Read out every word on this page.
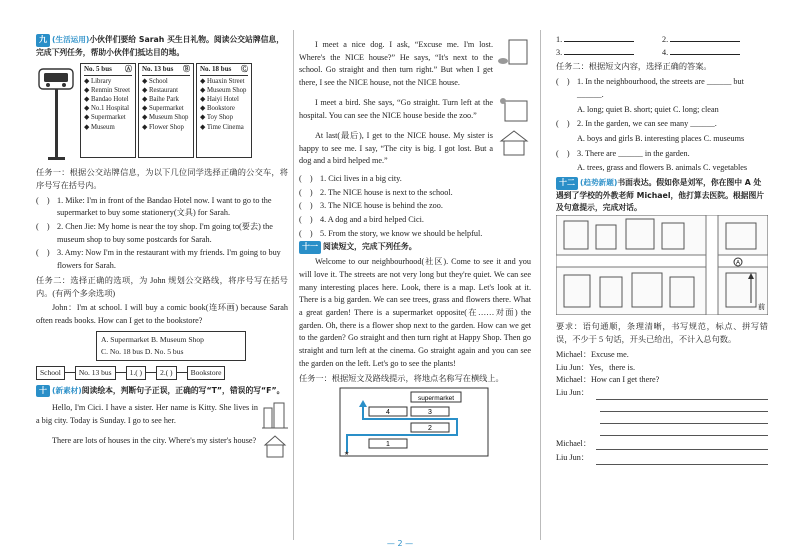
九 (生活运用)小伙伴们要给 Sarah 买生日礼物。阅读公交站牌信息，完成下列任务，帮助小伙伴们抵达目的地。
No. 5 bus Ⓐ
◆ Library
◆ Renmin Street
◆ Bandao Hotel
◆ No.1 Hospital
◆ Supermarket
◆ Museum
No. 13 bus Ⓑ
◆ School
◆ Restaurant
◆ Baihe Park
◆ Supermarket
◆ Museum Shop
◆ Flower Shop
No. 18 bus Ⓒ
◆ Huaxin Street
◆ Museum Shop
◆ Haiyi Hotel
◆ Bookstore
◆ Toy Shop
◆ Time Cinema
任务一：根据公交站牌信息，为以下几位同学选择正确的公交车，将序号写在括号内。
(　) 1. Mike: I'm in front of the Bandao Hotel now. I want to go to the supermarket to buy some stationery(文具) for Sarah.
(　) 2. Chen Jie: My home is near the toy shop. I'm going to(要去) the museum shop to buy some postcards for Sarah.
(　) 3. Amy: Now I'm in the restaurant with my friends. I'm going to buy flowers for Sarah.
任务二：选择正确的选项，为 John 规划公交路线，将序号写在括号内。(有两个多余选项)
John：I'm at school. I will buy a comic book(连环画) because Sarah often reads books. How can I get to the bookstore?
A. Supermarket B. Museum Shop
C. No. 18 bus D. No. 5 bus
School	No. 13 bus	1.( )	2.( )	Bookstore
十 (新素材)阅读绘本，判断句子正误，正确的写“T”，错误的写“F”。
Hello, I'm Cici. I have a sister. Her name is Kitty. She lives in a big city. Today is Sunday. I go to see her.
There are lots of houses in the city. Where's my sister's house?
I meet a nice dog. I ask, “Excuse me. I'm lost. Where's the NICE house?” He says, “It's next to the school. Go straight and then turn right.” But when I get there, I see the NICE house, not the NICE house.
I meet a bird. She says, “Go straight. Turn left at the hospital. You can see the NICE house beside the zoo.”
At last(最后), I get to the NICE house. My sister is happy to see me. I say, “The city is big. I got lost. But a dog and a bird helped me.”
(　) 1. Cici lives in a big city.
(　) 2. The NICE house is next to the school.
(　) 3. The NICE house is behind the zoo.
(　) 4. A dog and a bird helped Cici.
(　) 5. From the story, we know we should be helpful.
十一 阅读短文，完成下列任务。
Welcome to our neighbourhood(社区). Come to see it and you will love it. The streets are not very long but they're quiet. We can see many interesting places here. Look, there is a map. Let's look at it. There is a big garden. We can see trees, grass and flowers there. What a great garden! There is a supermarket opposite(在……对面) the garden. Oh, there is a flower shop next to the garden. How can we get to the garden? Go straight and then turn right at Happy Shop. Then go straight and turn left at the cinema. Go straight again and you can see the garden on the left. Let's go to see the plants!
任务一：根据短文及路线提示，将地点名称写在横线上。
supermarket
4	3
2
1
★
1.	2.
3.	4.
任务二：根据短文内容，选择正确的答案。
(　) 1. In the neighbourhood, the streets are ______ but ______.
A. long; quiet B. short; quiet C. long; clean
(　) 2. In the garden, we can see many ______.
A. boys and girls B. interesting places C. museums
(　) 3. There are ______ in the garden.
A. trees, grass and flowers B. animals C. vegetables
十二 (趋势新题)书面表达。假如你是刘军，你在图中 A 处遇到了学校的外教老师 Michael，他打算去医院。根据图片及句意提示，完成对话。
A
前
要求：语句通顺，条理清晰，书写规范，标点、拼写错误，不少于 5 句话，开头已给出，不计入总句数。
Michael：Excuse me.
Liu Jun：Yes，there is.
Michael：How can I get there?
Liu Jun：
Michael：
Liu Jun：
— 2 —
